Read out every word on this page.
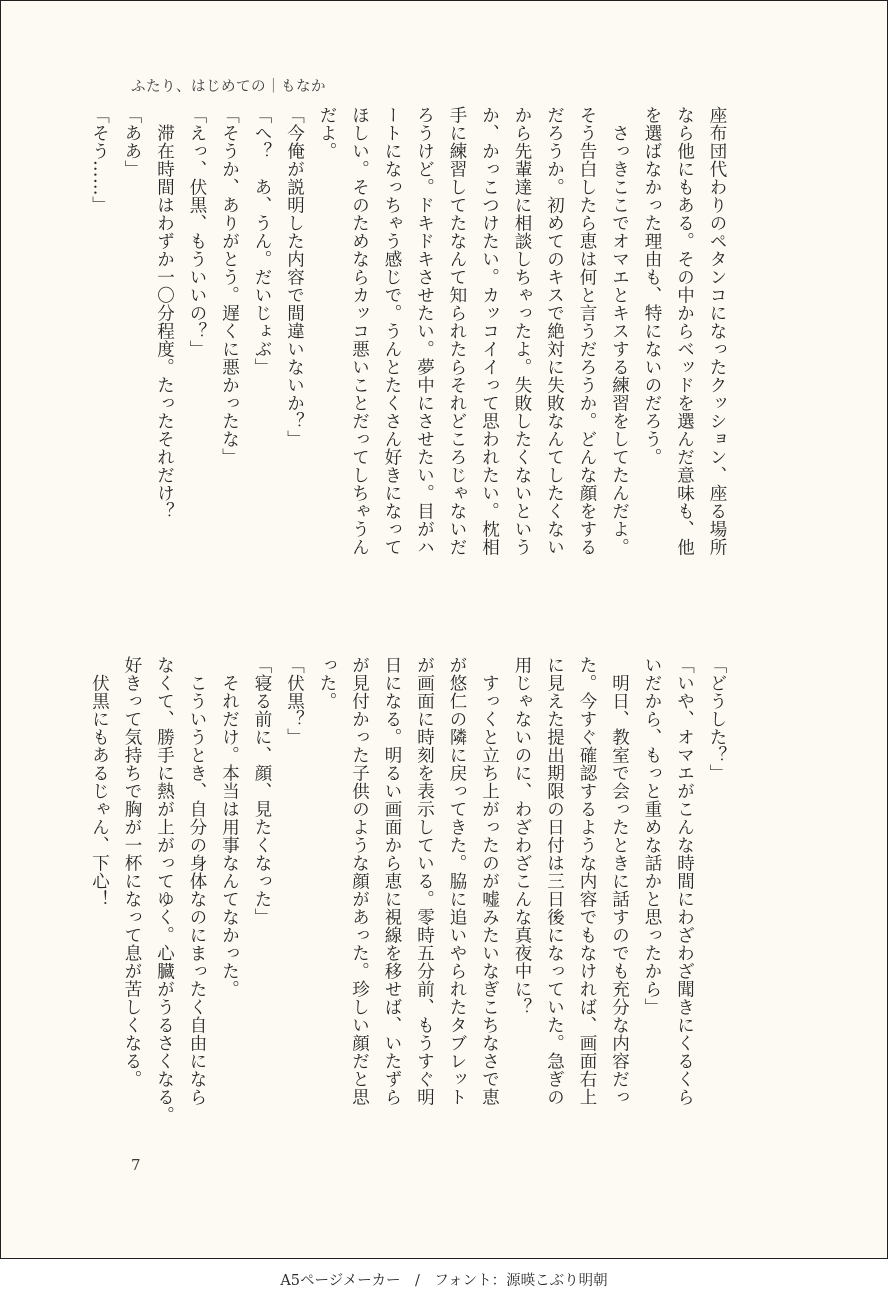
ふたり、はじめての｜もなか

座布団代わりのペタンコになったクッション、座る場所

なら他にもある。その中からベッドを選んだ意味も、他

を選ばなかった理由も、特にないのだろう。

　さっきここでオマエとキスする練習をしてたんだよ。

そう告白したら恵は何と言うだろうか。どんな顔をする

だろうか。初めてのキスで絶対に失敗なんてしたくない

から先輩達に相談しちゃったよ。失敗したくないという

か、かっこつけたい。カッコイイって思われたい。枕相

手に練習してたなんて知られたらそれどころじゃないだ

ろうけど。ドキドキさせたい。夢中にさせたい。目がハ

ートになっちゃう感じで。うんとたくさん好きになって

ほしい。そのためならカッコ悪いことだってしちゃうん

だよ。

「今俺が説明した内容で間違いないか？」

「へ？　あ、うん。だいじょぶ」

「そうか、ありがとう。遅くに悪かったな」

「えっ、伏黒、もういいの？」

　滞在時間はわずか一〇分程度。たったそれだけ？

「ああ」

「そう……」

「どうした？」

「いや、オマエがこんな時間にわざわざ聞きにくるくら

いだから、もっと重めな話かと思ったから」

　明日、教室で会ったときに話すのでも充分な内容だっ

た。今すぐ確認するような内容でもなければ、画面右上

に見えた提出期限の日付は三日後になっていた。急ぎの

用じゃないのに、わざわざこんな真夜中に？

　すっくと立ち上がったのが嘘みたいなぎこちなさで恵

が悠仁の隣に戻ってきた。脇に追いやられたタブレット

が画面に時刻を表示している。零時五分前、もうすぐ明

日になる。明るい画面から恵に視線を移せば、いたずら

が見付かった子供のような顔があった。珍しい顔だと思

った。

「伏黒？」

「寝る前に、顔、見たくなった」

　それだけ。本当は用事なんてなかった。

　こういうとき、自分の身体なのにまったく自由になら

なくて、勝手に熱が上がってゆく。心臓がうるさくなる。

好きって気持ちで胸が一杯になって息が苦しくなる。

　伏黒にもあるじゃん、下心！

7
A5ページメーカー　/　フォント：源暎こぶり明朝
